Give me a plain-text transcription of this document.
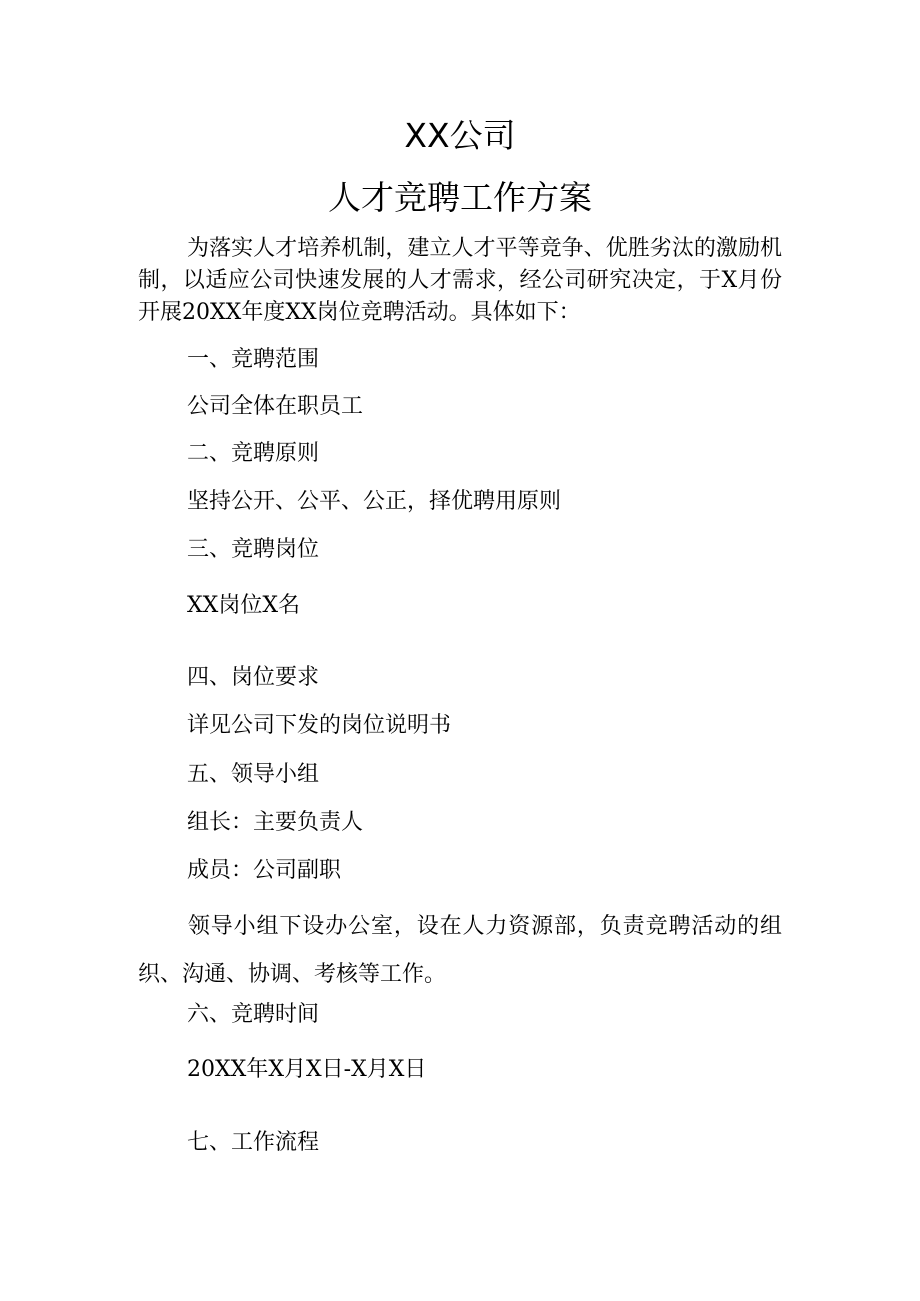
XX公司
人才竞聘工作方案
为落实人才培养机制，建立人才平等竞争、优胜劣汰的激励机制，以适应公司快速发展的人才需求，经公司研究决定，于X月份开展20XX年度XX岗位竞聘活动。具体如下：
一、竞聘范围
公司全体在职员工
二、竞聘原则
坚持公开、公平、公正，择优聘用原则
三、竞聘岗位
XX岗位X名
四、岗位要求
详见公司下发的岗位说明书
五、领导小组
组长：主要负责人
成员：公司副职
领导小组下设办公室，设在人力资源部，负责竞聘活动的组织、沟通、协调、考核等工作。
六、竞聘时间
20XX年X月X日-X月X日
七、工作流程
